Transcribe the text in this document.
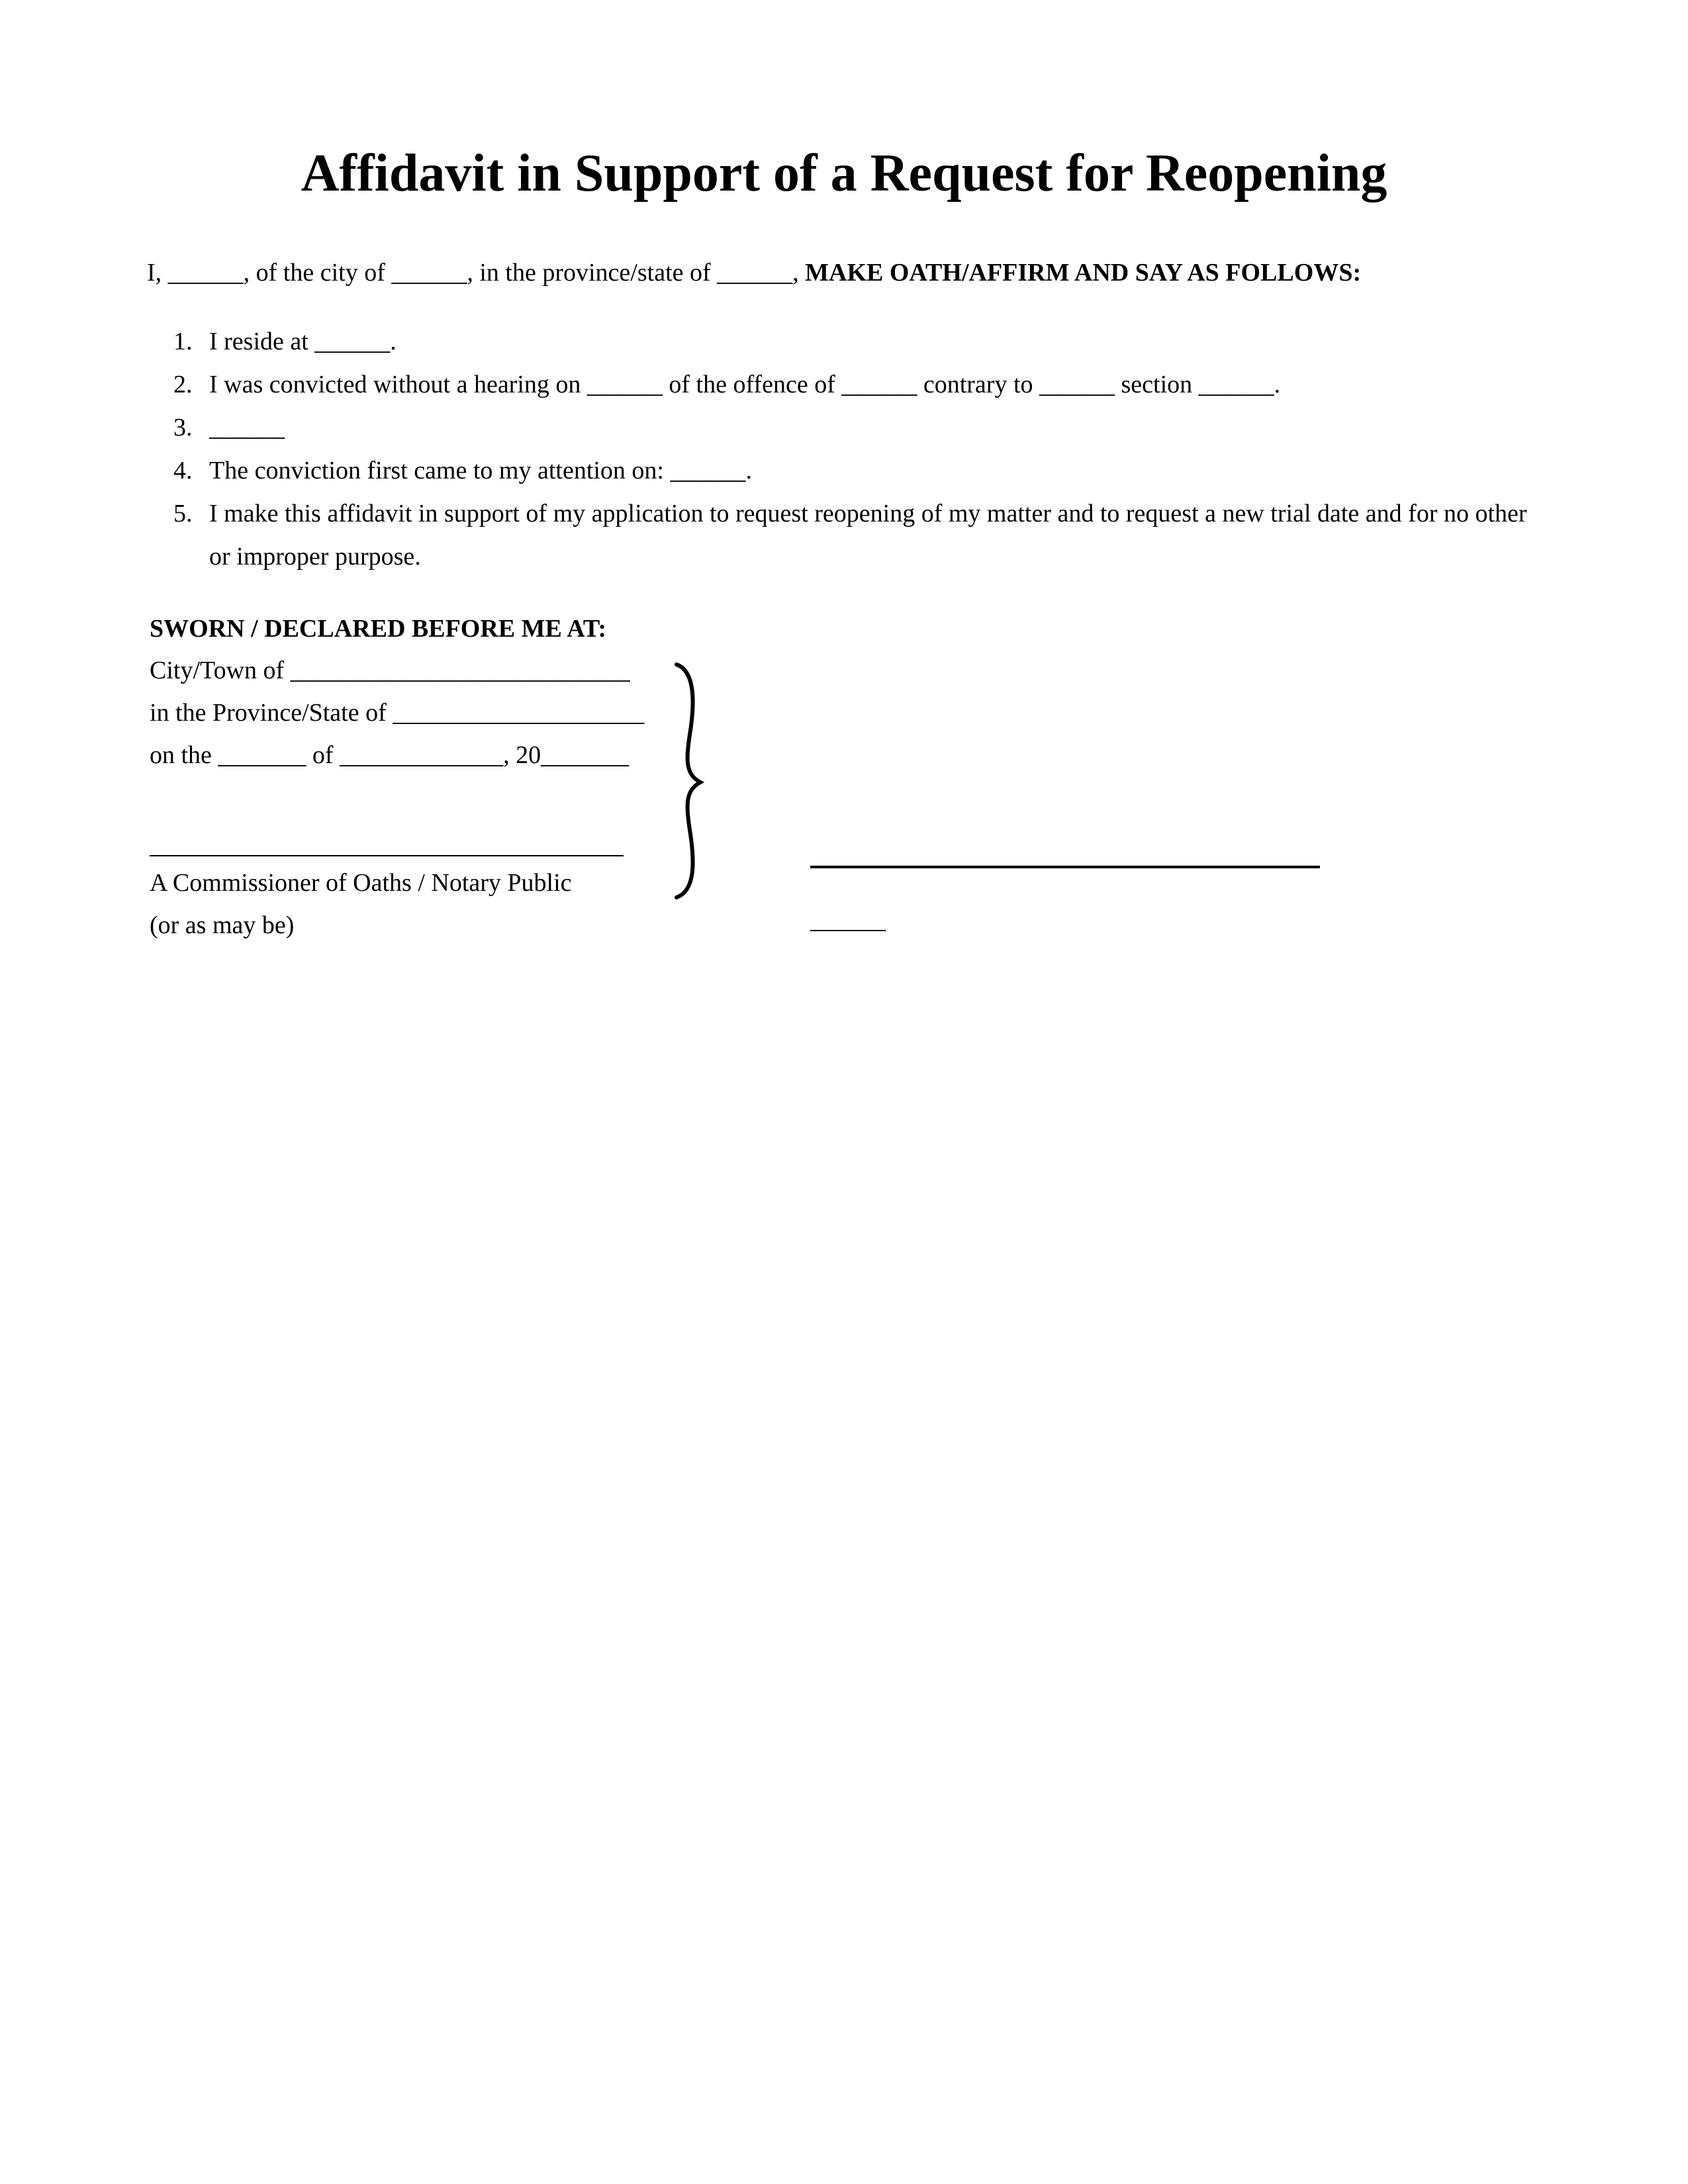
Affidavit in Support of a Request for Reopening
I, ______, of the city of ______, in the province/state of ______, MAKE OATH/AFFIRM AND SAY AS FOLLOWS:
1. I reside at ______.
2. I was convicted without a hearing on ______ of the offence of ______ contrary to ______ section ______.
3. ______
4. The conviction first came to my attention on: ______.
5. I make this affidavit in support of my application to request reopening of my matter and to request a new trial date and for no other or improper purpose.
SWORN / DECLARED BEFORE ME AT:
City/Town of ___________________________
in the Province/State of ____________________
on the _______ of _____________, 20_______
A Commissioner of Oaths / Notary Public
(or as may be)	______
